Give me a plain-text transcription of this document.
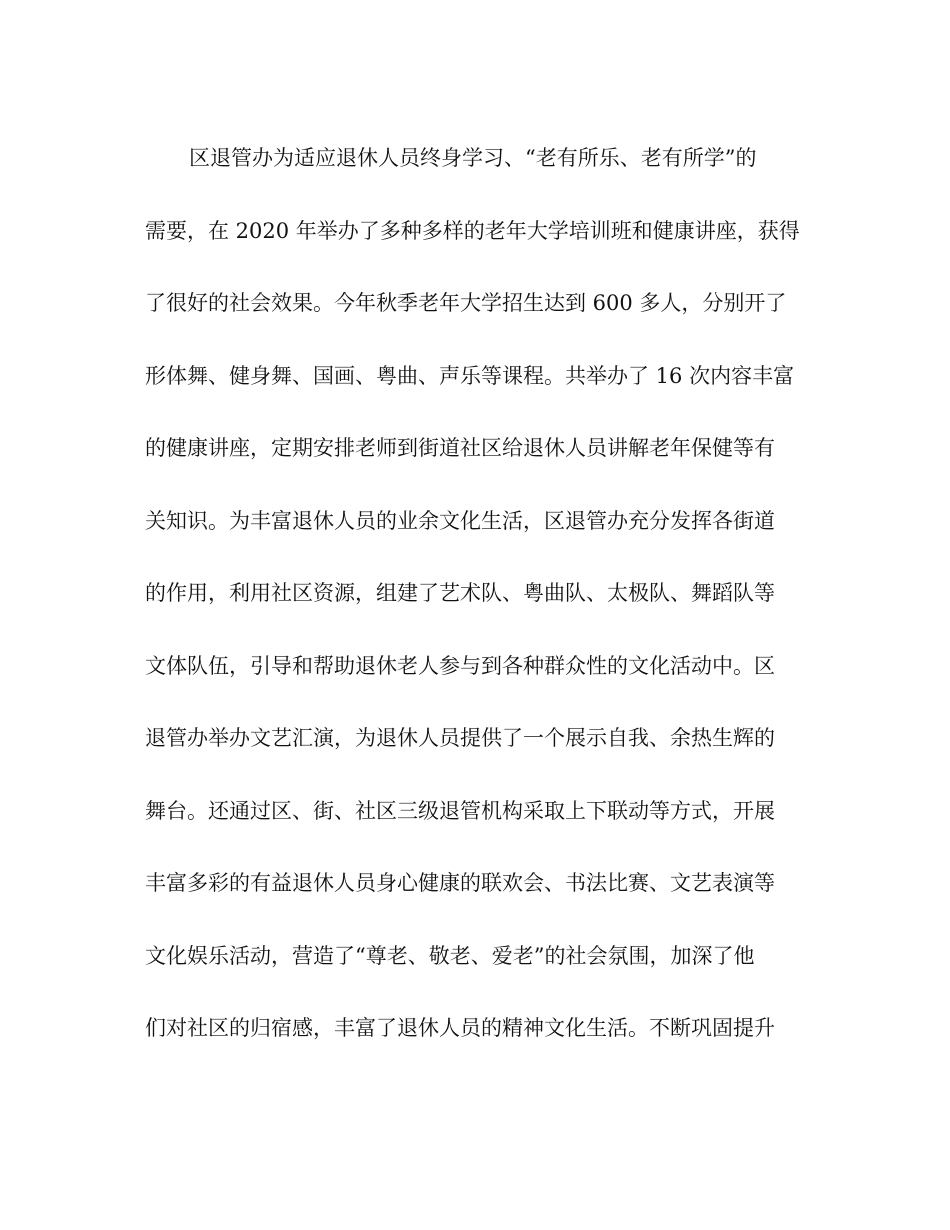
区退管办为适应退休人员终身学习、“老有所乐、老有所学”的
需要，在 2020 年举办了多种多样的老年大学培训班和健康讲座，获得
了很好的社会效果。今年秋季老年大学招生达到 600 多人，分别开了
形体舞、健身舞、国画、粤曲、声乐等课程。共举办了 16 次内容丰富
的健康讲座，定期安排老师到街道社区给退休人员讲解老年保健等有
关知识。为丰富退休人员的业余文化生活，区退管办充分发挥各街道
的作用，利用社区资源，组建了艺术队、粤曲队、太极队、舞蹈队等
文体队伍，引导和帮助退休老人参与到各种群众性的文化活动中。区
退管办举办文艺汇演，为退休人员提供了一个展示自我、余热生辉的
舞台。还通过区、街、社区三级退管机构采取上下联动等方式，开展
丰富多彩的有益退休人员身心健康的联欢会、书法比赛、文艺表演等
文化娱乐活动，营造了“尊老、敬老、爱老”的社会氛围，加深了他
们对社区的归宿感，丰富了退休人员的精神文化生活。不断巩固提升
